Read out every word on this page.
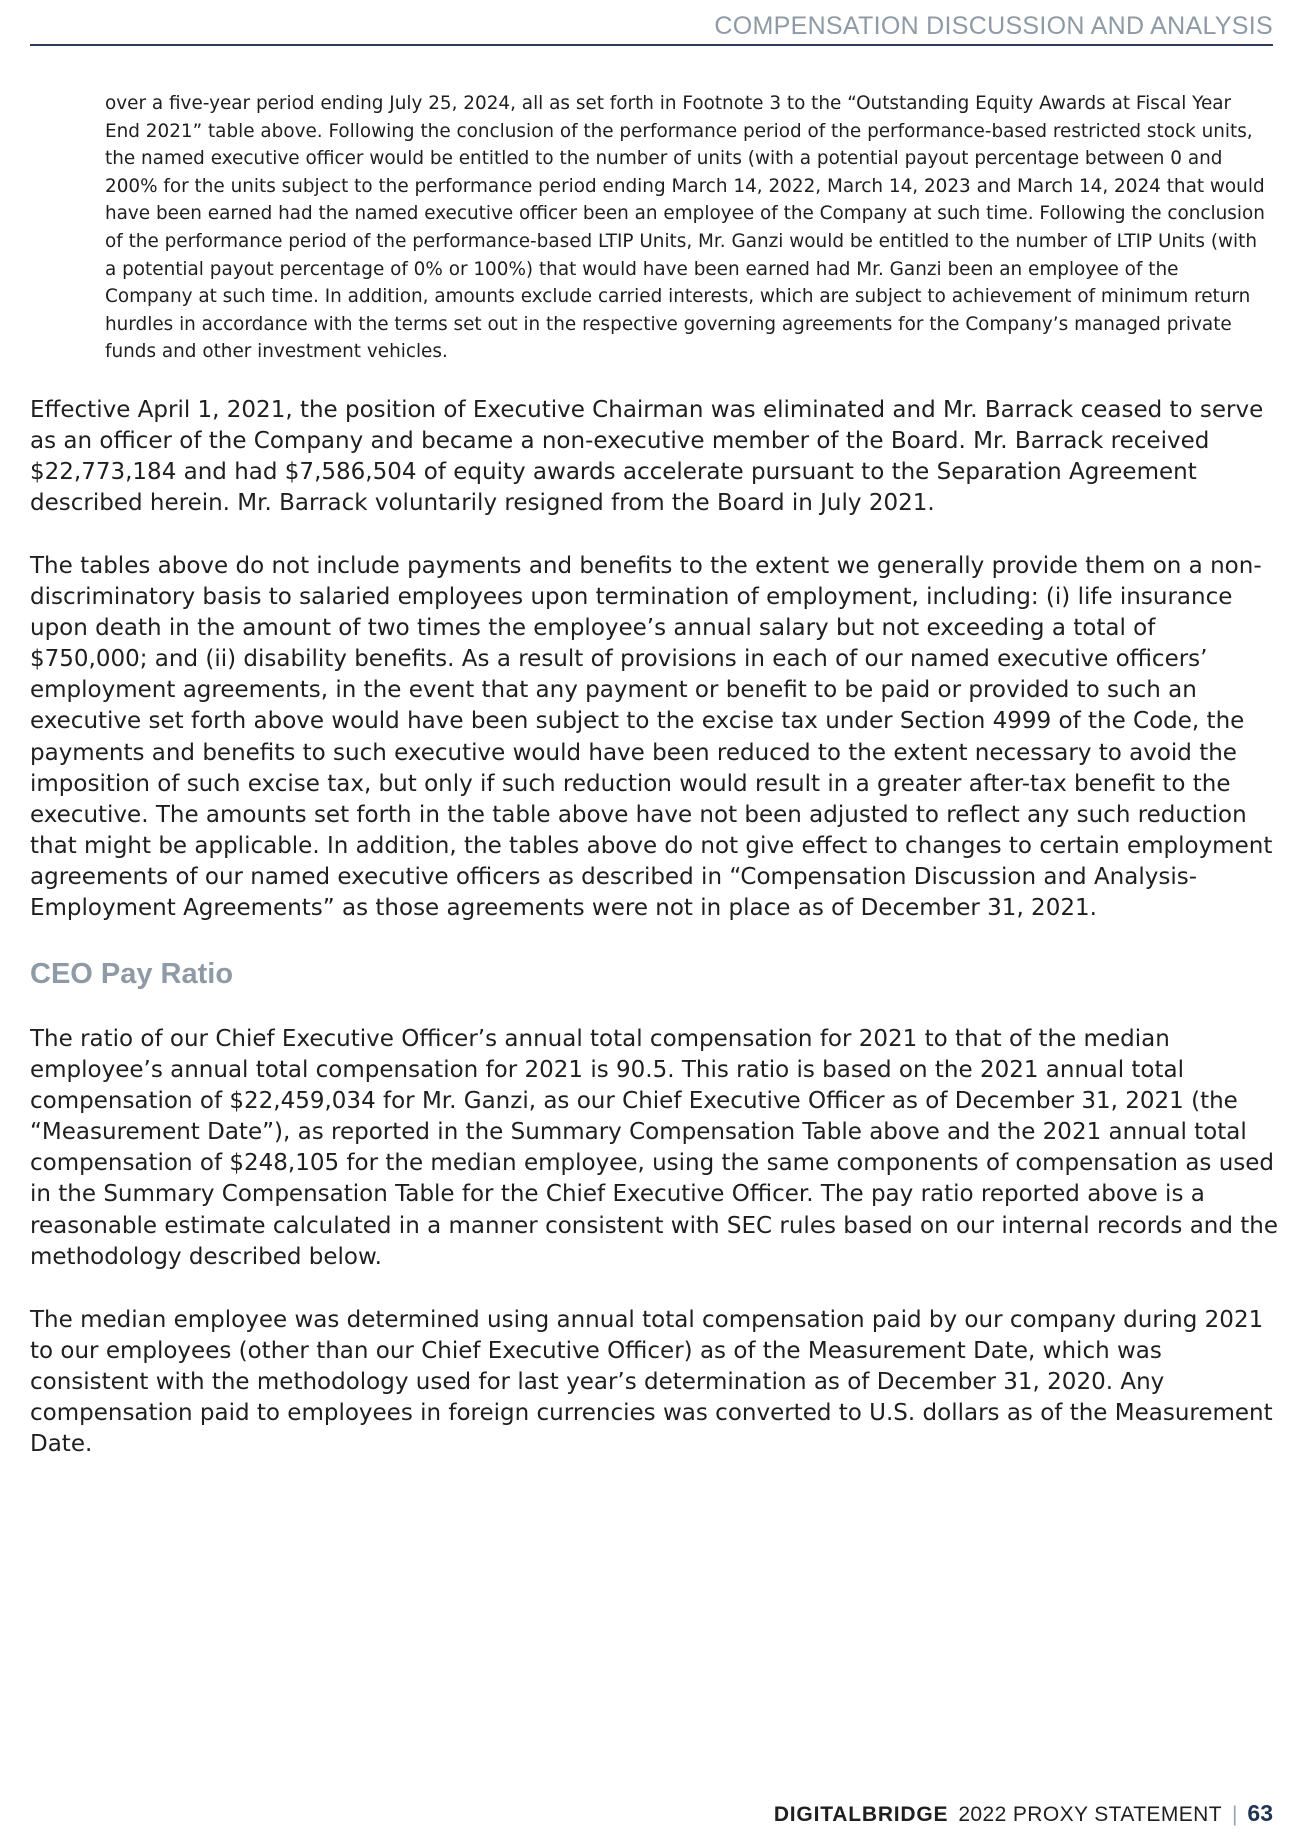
COMPENSATION DISCUSSION AND ANALYSIS

over a five-year period ending July 25, 2024, all as set forth in Footnote 3 to the “Outstanding Equity Awards at Fiscal Year End 2021” table above. Following the conclusion of the performance period of the performance-based restricted stock units, the named executive officer would be entitled to the number of units (with a potential payout percentage between 0 and 200% for the units subject to the performance period ending March 14, 2022, March 14, 2023 and March 14, 2024 that would have been earned had the named executive officer been an employee of the Company at such time. Following the conclusion of the performance period of the performance-based LTIP Units, Mr. Ganzi would be entitled to the number of LTIP Units (with a potential payout percentage of 0% or 100%) that would have been earned had Mr. Ganzi been an employee of the Company at such time. In addition, amounts exclude carried interests, which are subject to achievement of minimum return hurdles in accordance with the terms set out in the respective governing agreements for the Company’s managed private funds and other investment vehicles.

Effective April 1, 2021, the position of Executive Chairman was eliminated and Mr. Barrack ceased to serve as an officer of the Company and became a non-executive member of the Board. Mr. Barrack received $22,773,184 and had $7,586,504 of equity awards accelerate pursuant to the Separation Agreement described herein. Mr. Barrack voluntarily resigned from the Board in July 2021.

The tables above do not include payments and benefits to the extent we generally provide them on a non-discriminatory basis to salaried employees upon termination of employment, including: (i) life insurance upon death in the amount of two times the employee’s annual salary but not exceeding a total of $750,000; and (ii) disability benefits. As a result of provisions in each of our named executive officers’ employment agreements, in the event that any payment or benefit to be paid or provided to such an executive set forth above would have been subject to the excise tax under Section 4999 of the Code, the payments and benefits to such executive would have been reduced to the extent necessary to avoid the imposition of such excise tax, but only if such reduction would result in a greater after-tax benefit to the executive. The amounts set forth in the table above have not been adjusted to reflect any such reduction that might be applicable. In addition, the tables above do not give effect to changes to certain employment agreements of our named executive officers as described in “Compensation Discussion and Analysis-Employment Agreements” as those agreements were not in place as of December 31, 2021.

CEO Pay Ratio

The ratio of our Chief Executive Officer’s annual total compensation for 2021 to that of the median employee’s annual total compensation for 2021 is 90.5. This ratio is based on the 2021 annual total compensation of $22,459,034 for Mr. Ganzi, as our Chief Executive Officer as of December 31, 2021 (the “Measurement Date”), as reported in the Summary Compensation Table above and the 2021 annual total compensation of $248,105 for the median employee, using the same components of compensation as used in the Summary Compensation Table for the Chief Executive Officer. The pay ratio reported above is a reasonable estimate calculated in a manner consistent with SEC rules based on our internal records and the methodology described below.

The median employee was determined using annual total compensation paid by our company during 2021 to our employees (other than our Chief Executive Officer) as of the Measurement Date, which was consistent with the methodology used for last year’s determination as of December 31, 2020. Any compensation paid to employees in foreign currencies was converted to U.S. dollars as of the Measurement Date.

DIGITALBRIDGE 2022 PROXY STATEMENT | 63
